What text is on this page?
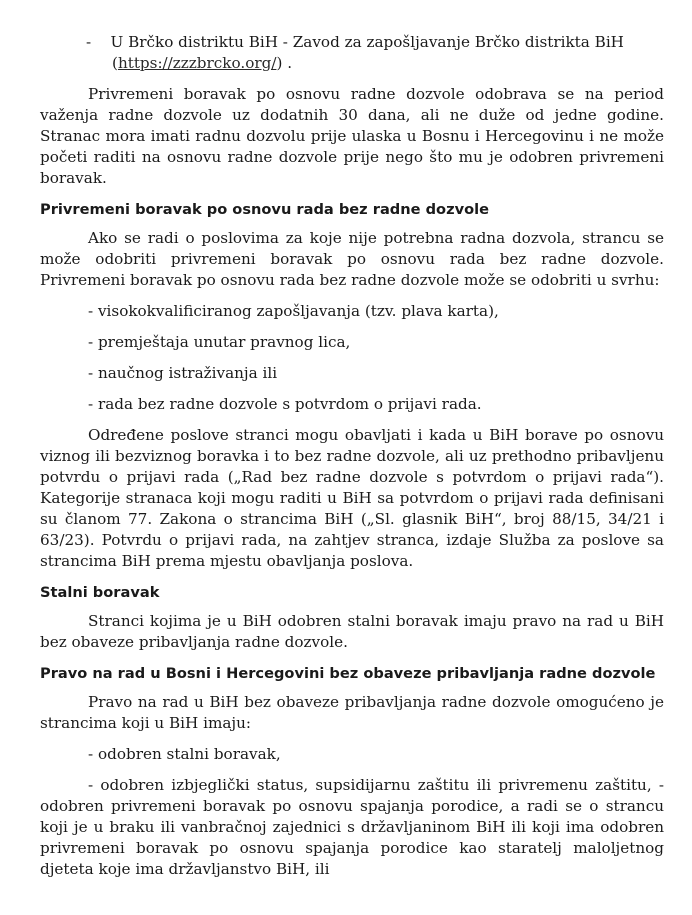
- U Brčko distriktu BiH - Zavod za zapošljavanje Brčko distrikta BiH (https://zzzbrcko.org/) .

Privremeni boravak po osnovu radne dozvole odobrava se na period važenja radne dozvole uz dodatnih 30 dana, ali ne duže od jedne godine. Stranac mora imati radnu dozvolu prije ulaska u Bosnu i Hercegovinu i ne može početi raditi na osnovu radne dozvole prije nego što mu je odobren privremeni boravak.

Privremeni boravak po osnovu rada bez radne dozvole

Ako se radi o poslovima za koje nije potrebna radna dozvola, strancu se može odobriti privremeni boravak po osnovu rada bez radne dozvole. Privremeni boravak po osnovu rada bez radne dozvole može se odobriti u svrhu:

- visokokvalificiranog zapošljavanja (tzv. plava karta),

- premještaja unutar pravnog lica,

- naučnog istraživanja ili

- rada bez radne dozvole s potvrdom o prijavi rada.

Određene poslove stranci mogu obavljati i kada u BiH borave po osnovu viznog ili bezviznog boravka i to bez radne dozvole, ali uz prethodno pribavljenu potvrdu o prijavi rada („Rad bez radne dozvole s potvrdom o prijavi rada“). Kategorije stranaca koji mogu raditi u BiH sa potvrdom o prijavi rada definisani su članom 77. Zakona o strancima BiH („Sl. glasnik BiH“, broj 88/15, 34/21 i 63/23). Potvrdu o prijavi rada, na zahtjev stranca, izdaje Služba za poslove sa strancima BiH prema mjestu obavljanja poslova.

Stalni boravak

Stranci kojima je u BiH odobren stalni boravak imaju pravo na rad u BiH bez obaveze pribavljanja radne dozvole.

Pravo na rad u Bosni i Hercegovini bez obaveze pribavljanja radne dozvole

Pravo na rad u BiH bez obaveze pribavljanja radne dozvole omogućeno je strancima koji u BiH imaju:

- odobren stalni boravak,

- odobren izbjeglički status, supsidijarnu zaštitu ili privremenu zaštitu, - odobren privremeni boravak po osnovu spajanja porodice, a radi se o strancu koji je u braku ili vanbračnoj zajednici s državljaninom BiH ili koji ima odobren privremeni boravak po osnovu spajanja porodice kao staratelj maloljetnog djeteta koje ima državljanstvo BiH, ili
